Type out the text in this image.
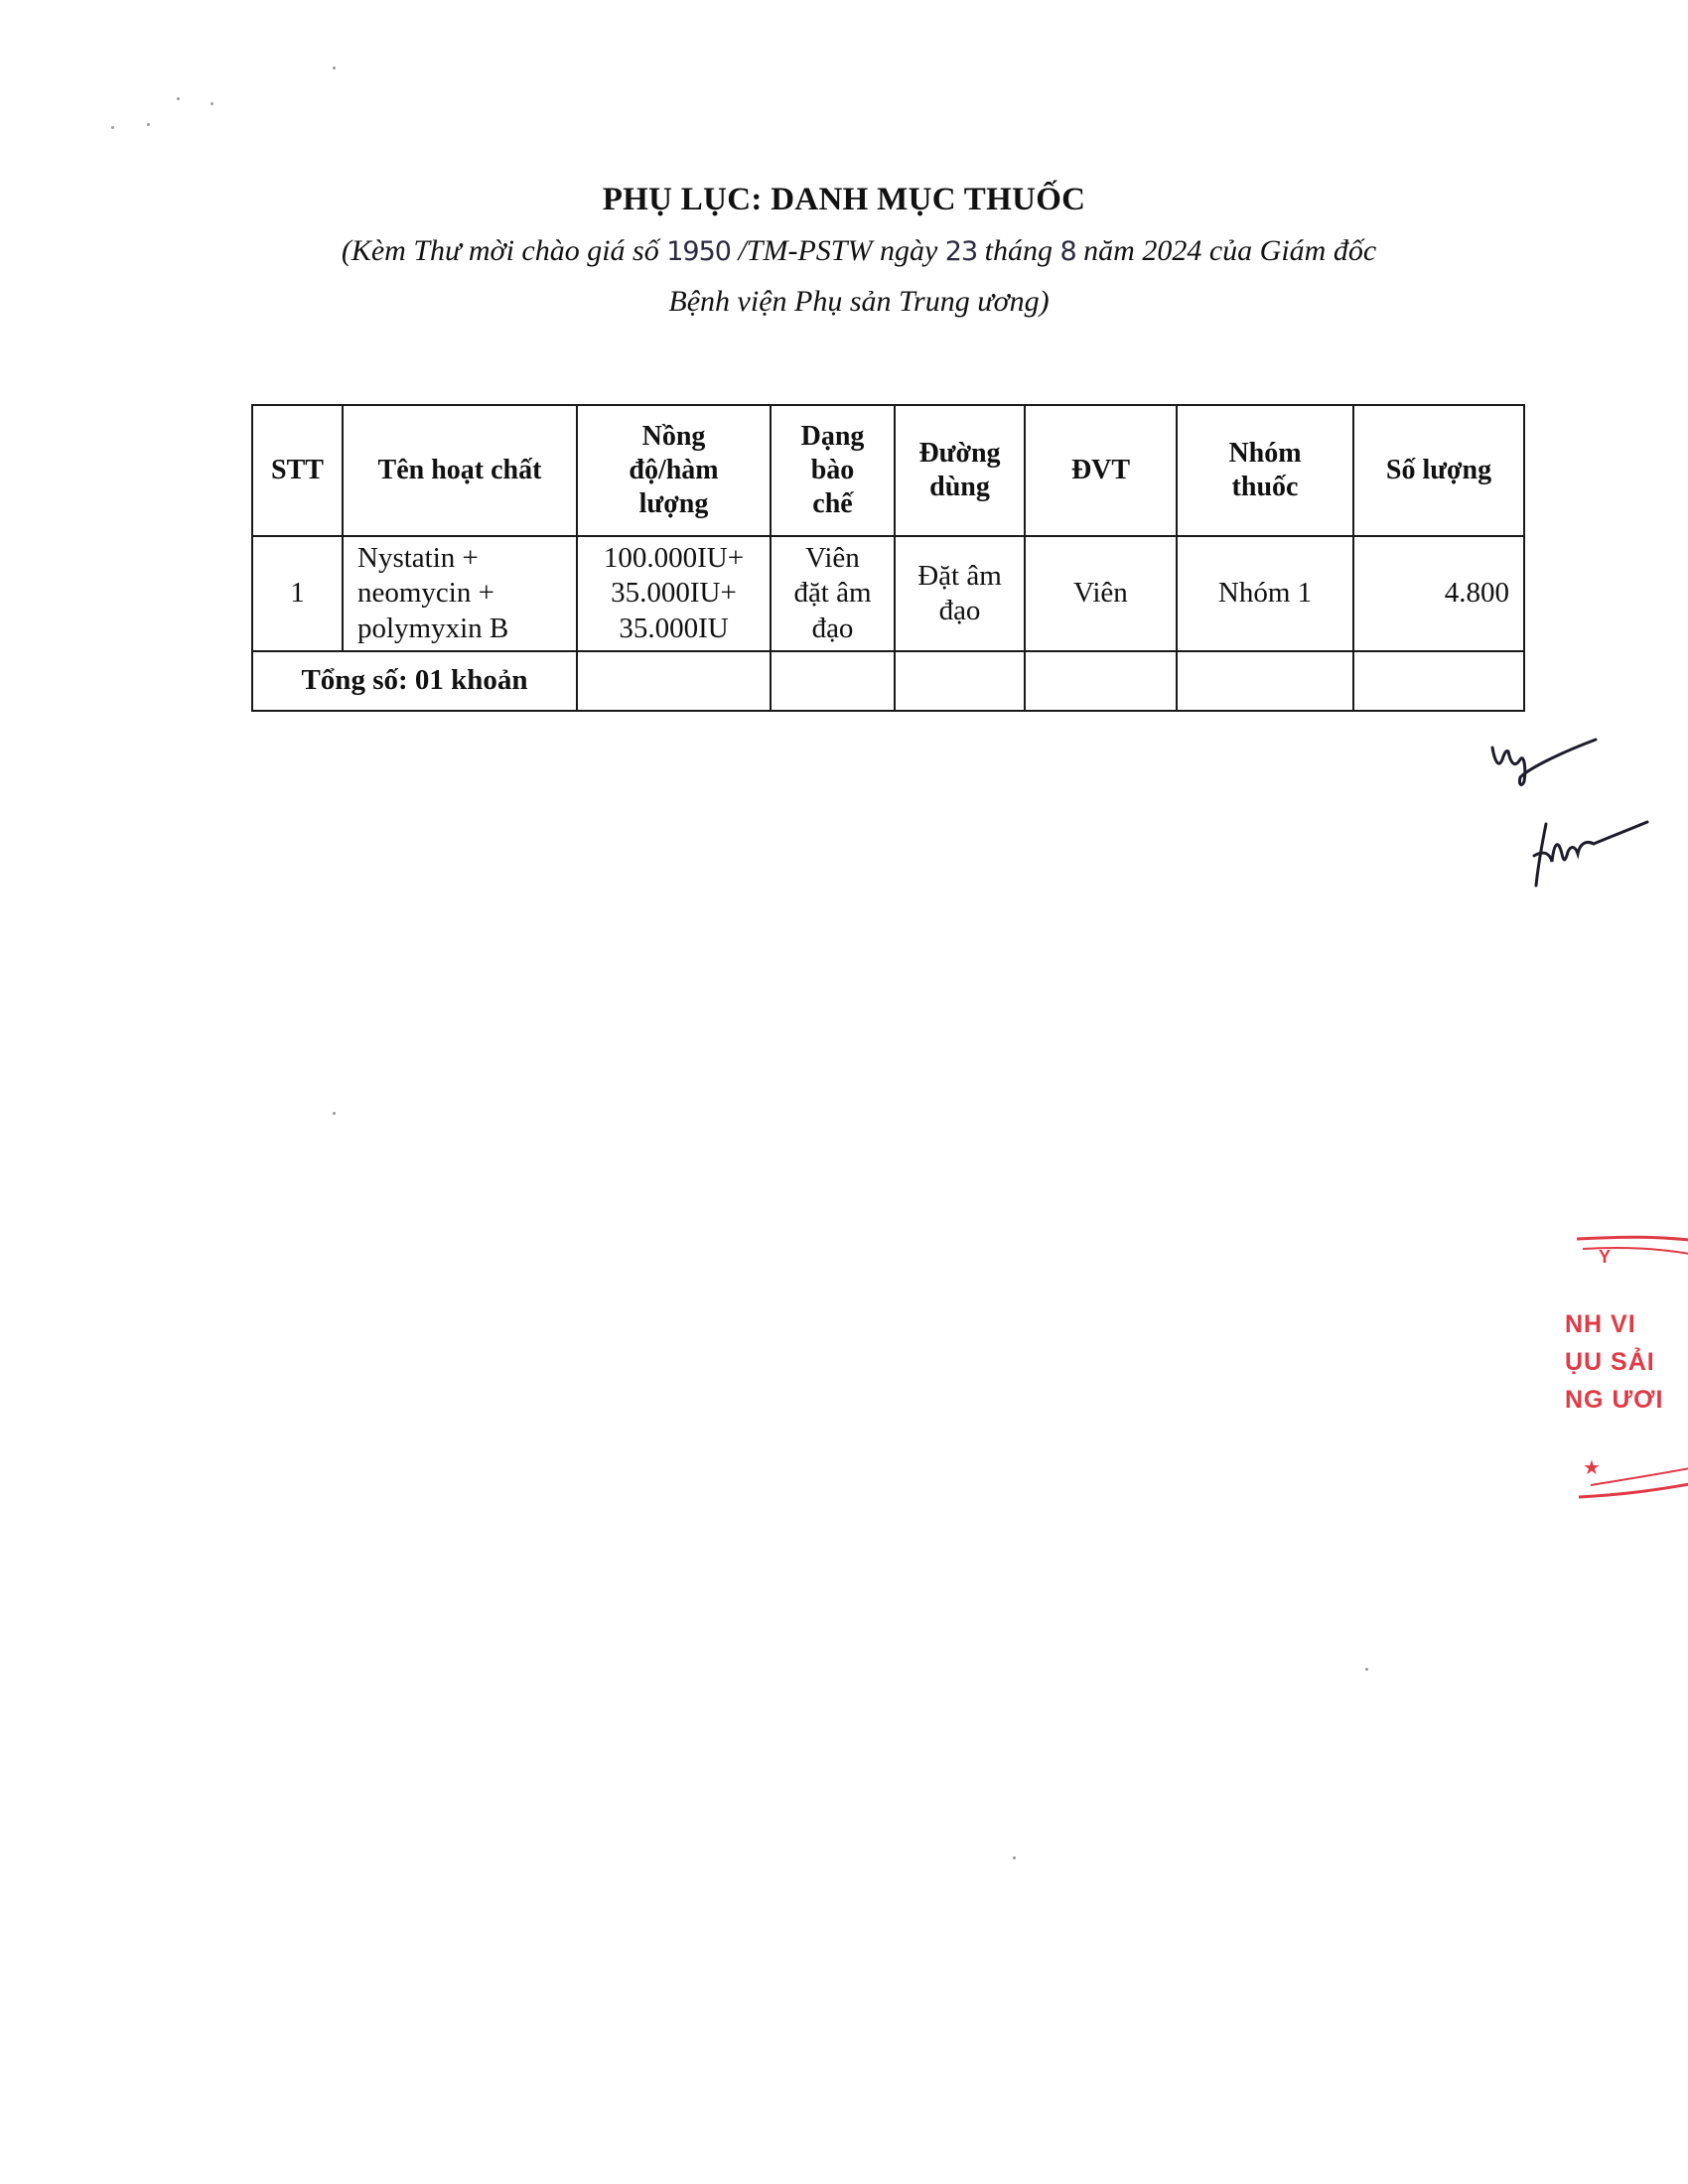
PHỤ LỤC: DANH MỤC THUỐC
(Kèm Thư mời chào giá số 1950 /TM-PSTW ngày 23 tháng 8 năm 2024 của Giám đốc
Bệnh viện Phụ sản Trung ương)
STT	Tên hoạt chất	Nồng
độ/hàm
lượng	Dạng
bào
chế	Đường
dùng	ĐVT	Nhóm
thuốc	Số lượng
1	Nystatin +
neomycin +
polymyxin B	100.000IU+
35.000IU+
35.000IU	Viên
đặt âm
đạo	Đặt âm
đạo	Viên	Nhóm 1	4.800
Tổng số: 01 khoản							
Y
NH VI
ỤU SẢI
NG ƯƠI
★
